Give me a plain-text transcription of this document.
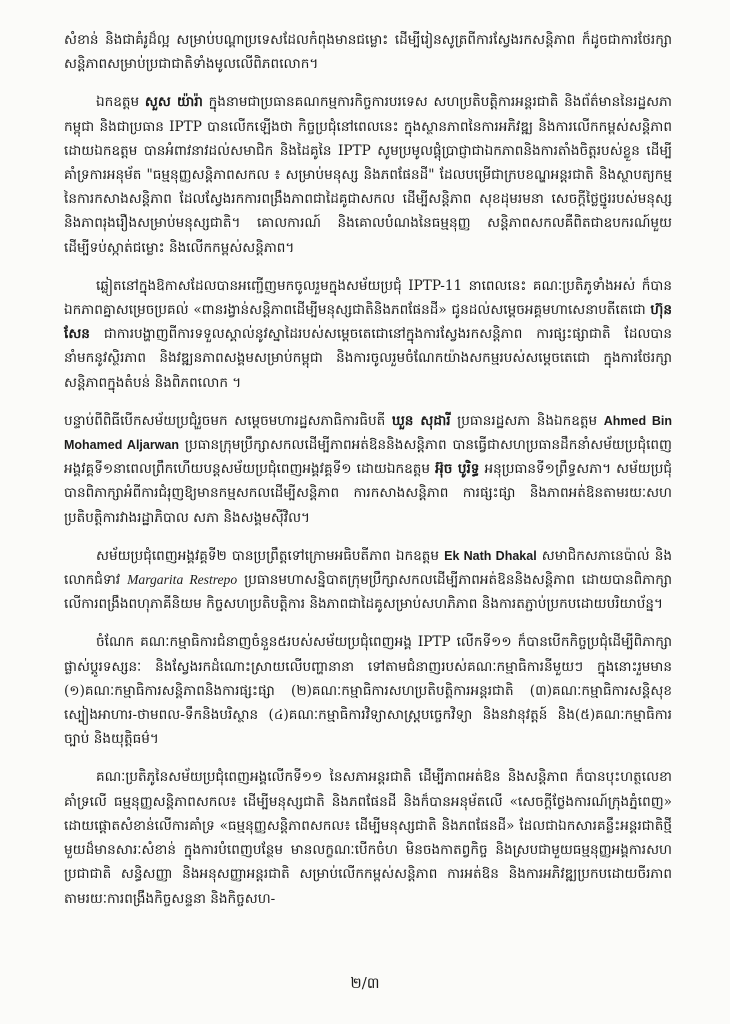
សំខាន់ និងជាគំរូដ៏ល្អ សម្រាប់បណ្តាប្រទេសដែលកំពុងមានជម្លោះ ដើម្បីរៀនសូត្រពីការស្វែងរកសន្តិភាព ក៏ដូចជាការថែរក្សាសន្តិភាពសម្រាប់ប្រជាជាតិទាំងមូលលើពិភពលោក។

ឯកឧត្តម សួស យ៉ារ៉ា ក្នុងនាមជាប្រធានគណកម្មការកិច្ចការបរទេស សហប្រតិបត្តិការអន្តរជាតិ និងព័ត៌មាននៃរដ្ឋសភាកម្ពុជា និងជាប្រធាន IPTP បានលើកឡើងថា កិច្ចប្រជុំនៅពេលនេះ ក្នុងស្ថានភាពនៃការអភិវឌ្ឍ និងការលើកកម្ពស់សន្តិភាព ដោយឯកឧត្តម បានអំពាវនាវដល់សមាជិក និងដៃគូនៃ IPTP សូមប្រមូលផ្តុំប្រាជ្ញាជាឯកភាពនិងការតាំងចិត្តរបស់ខ្លួន ដើម្បីគាំទ្រការអនុម័ត "ធម្មនុញ្ញសន្តិភាពសកល ៖ សម្រាប់មនុស្ស និងភពផែនដី" ដែលបម្រើជាក្របខណ្ឌអន្តរជាតិ និងស្ថាបត្យកម្មនៃការកសាងសន្តិភាព ដែលស្វែងរកការពង្រឹងភាពជាដៃគូជាសកល ដើម្បីសន្តិភាព សុខដុមរមនា សេចក្តីថ្លៃថ្នូររបស់មនុស្ស និងភាពរុងរឿងសម្រាប់មនុស្សជាតិ។ គោលការណ៍ និងគោលបំណងនៃធម្មនុញ្ញ សន្តិភាពសកលគឺពិតជាឧបករណ៍មួយដើម្បីទប់ស្កាត់ជម្លោះ និងលើកកម្ពស់សន្តិភាព។

ឆ្លៀតនៅក្នុងឱកាសដែលបានអញ្ជើញមកចូលរួមក្នុងសម័យប្រជុំ IPTP-11 នាពេលនេះ គណៈប្រតិភូទាំងអស់ ក៏បានឯកភាពគ្នាសម្រេចប្រគល់ «ពានរង្វាន់សន្តិភាពដើម្បីមនុស្សជាតិនិងភពផែនដី» ជូនដល់សម្តេចអគ្គមហាសេនាបតីតេជោ ហ៊ុន សែន ជាការបង្ហាញពីការទទួលស្គាល់នូវស្នាដៃរបស់សម្តេចតេជោនៅក្នុងការស្វែងរកសន្តិភាព ការផ្សះផ្សាជាតិ ដែលបាននាំមកនូវស្ថិរភាព និងវឌ្ឍនភាពសង្គមសម្រាប់កម្ពុជា និងការចូលរួមចំណែកយ៉ាងសកម្មរបស់សម្តេចតេជោ ក្នុងការថែរក្សាសន្តិភាពក្នុងតំបន់ និងពិភពលោក ។

បន្ទាប់ពីពិធីបើកសម័យប្រជុំរួចមក សម្តេចមហារដ្ឋសភាធិការធិបតី ឃួន សុដារី ប្រធានរដ្ឋសភា និងឯកឧត្តម Ahmed Bin Mohamed Aljarwan ប្រធានក្រុមប្រឹក្សាសកលដើម្បីភាពអត់ឱននិងសន្តិភាព បានធ្វើជាសហប្រធានដឹកនាំសម័យប្រជុំពេញអង្គវគ្គទី១នាពេលព្រឹកហើយបន្តសម័យប្រជុំពេញអង្គវគ្គទី១ ដោយឯកឧត្តម អ៊ុច បូរិទ្ធ អនុប្រធានទី១ព្រឹទ្ធសភា។ សម័យប្រជុំបានពិភាក្សាអំពីការជំរុញឱ្យមានកម្មសកលដើម្បីសន្តិភាព ការកសាងសន្តិភាព ការផ្សះផ្សា និងភាពអត់ឱនតាមរយៈសហប្រតិបត្តិការវាងរដ្ឋាភិបាល សភា និងសង្គមស៊ីវិល។

សម័យប្រជុំពេញអង្គវគ្គទី២ បានប្រព្រឹត្តទៅក្រោមអធិបតីភាព ឯកឧត្តម Ek Nath Dhakal សមាជិកសភានេប៉ាល់ និង លោកជំទាវ Margarita Restrepo ប្រធានមហាសន្និបាតក្រុមប្រឹក្សាសកលដើម្បីភាពអត់ឱននិងសន្តិភាព ដោយបានពិភាក្សាលើការពង្រឹងពហុភាគីនិយម កិច្ចសហប្រតិបត្តិការ និងភាពជាដៃគូសម្រាប់សហភិភាព និងការតភ្ជាប់ប្រកបដោយបរិយាប័ន្ន។

ចំណែក គណៈកម្មាធិការជំនាញចំនួន៥របស់សម័យប្រជុំពេញអង្គ IPTP លើកទី១១ ក៏បានបើកកិច្ចប្រជុំដើម្បីពិភាក្សា ផ្លាស់ប្តូរទស្សនៈ និងស្វែងរកដំណោះស្រាយលើបញ្ហានានា ទៅតាមជំនាញរបស់គណៈកម្មាធិការនីមួយៗ ក្នុងនោះរួមមាន (១)គណៈកម្មាធិការសន្តិភាពនិងការផ្សះផ្សា (២)គណៈកម្មាធិការសហប្រតិបត្តិការអន្តរជាតិ (៣)គណៈកម្មាធិការសន្តិសុខ ស្បៀងអាហារ-ថាមពល-ទឹកនិងបរិស្ថាន (៤)គណៈកម្មាធិការវិទ្យាសាស្ត្របច្ចេកវិទ្យា និងនវានុវត្តន៍ និង(៥)គណៈកម្មាធិការច្បាប់ និងយុត្តិធម៌។

គណៈប្រតិភូនៃសម័យប្រជុំពេញអង្គលើកទី១១ នៃសភាអន្តរជាតិ ដើម្បីភាពអត់ឱន និងសន្តិភាព ក៏បានបុះហត្ថលេខាគាំទ្រលើ ធម្មនុញ្ញសន្តិភាពសកល៖ ដើម្បីមនុស្សជាតិ និងភពផែនដី និងក៏បានអនុម័តលើ «សេចក្តីថ្លែងការណ៍ក្រុងភ្នំពេញ» ដោយផ្តោតសំខាន់លើការគាំទ្រ «ធម្មនុញ្ញសន្តិភាពសកល៖ ដើម្បីមនុស្សជាតិ និងភពផែនដី» ដែលជាឯកសារគន្លឹះអន្តរជាតិថ្មីមួយដ៏មានសារៈសំខាន់ ក្នុងការបំពេញបន្ថែម មានលក្ខណៈបើកចំហ មិនចងកាតព្វកិច្ច និងស្របជាមួយធម្មនុញ្ញអង្គការសហប្រជាជាតិ សន្ធិសញ្ញា និងអនុសញ្ញាអន្តរជាតិ សម្រាប់លើកកម្ពស់សន្តិភាព ការអត់ឱន និងការអភិវឌ្ឍប្រកបដោយចីរភាព តាមរយៈការពង្រឹងកិច្ចសន្ទនា និងកិច្ចសហ-

២/៣
